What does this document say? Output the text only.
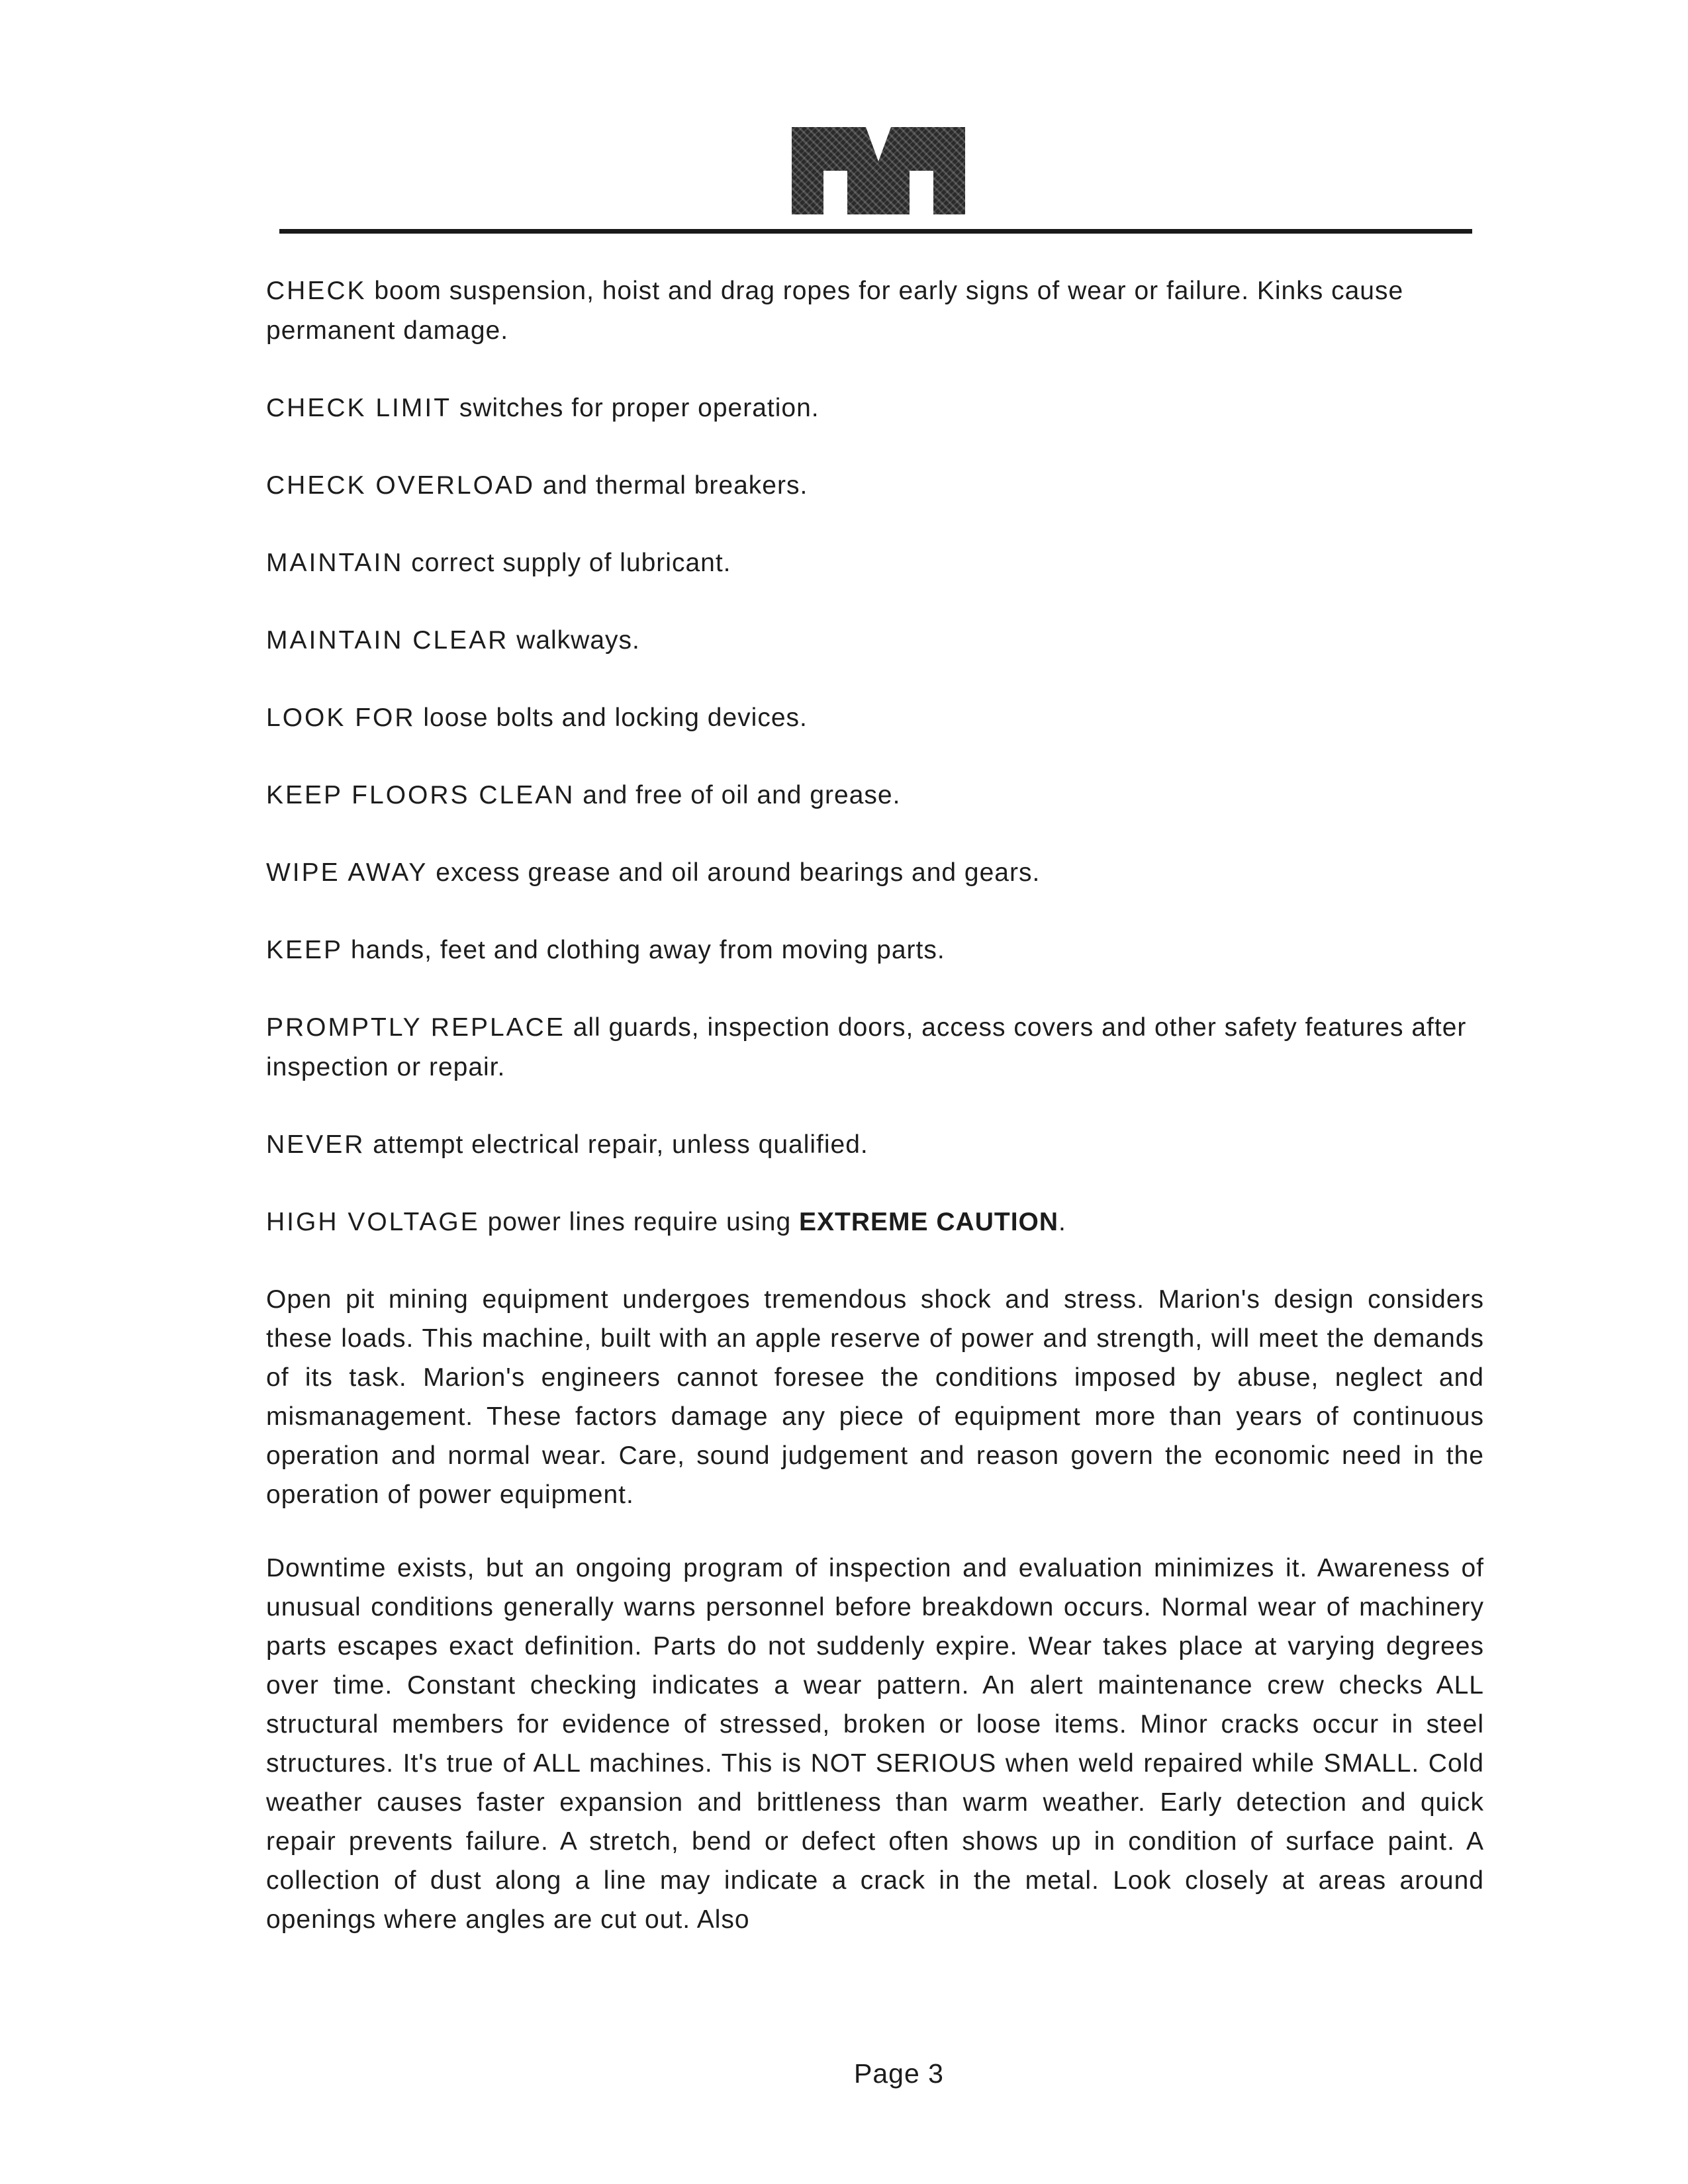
CHECK boom suspension, hoist and drag ropes for early signs of wear or failure. Kinks cause permanent damage.

CHECK LIMIT switches for proper operation.

CHECK OVERLOAD and thermal breakers.

MAINTAIN correct supply of lubricant.

MAINTAIN CLEAR walkways.

LOOK FOR loose bolts and locking devices.

KEEP FLOORS CLEAN and free of oil and grease.

WIPE AWAY excess grease and oil around bearings and gears.

KEEP hands, feet and clothing away from moving parts.

PROMPTLY REPLACE all guards, inspection doors, access covers and other safety features after inspection or repair.

NEVER attempt electrical repair, unless qualified.

HIGH VOLTAGE power lines require using EXTREME CAUTION.

Open pit mining equipment undergoes tremendous shock and stress. Marion's design considers these loads. This machine, built with an apple reserve of power and strength, will meet the demands of its task. Marion's engineers cannot foresee the conditions imposed by abuse, neglect and mismanagement. These factors damage any piece of equipment more than years of continuous operation and normal wear. Care, sound judgement and reason govern the economic need in the operation of power equipment.

Downtime exists, but an ongoing program of inspection and evaluation minimizes it. Awareness of unusual conditions generally warns personnel before breakdown occurs. Normal wear of machinery parts escapes exact definition. Parts do not suddenly expire. Wear takes place at varying degrees over time. Constant checking indicates a wear pattern. An alert maintenance crew checks ALL structural members for evidence of stressed, broken or loose items. Minor cracks occur in steel structures. It's true of ALL machines. This is NOT SERIOUS when weld repaired while SMALL. Cold weather causes faster expansion and brittleness than warm weather. Early detection and quick repair prevents failure. A stretch, bend or defect often shows up in condition of surface paint. A collection of dust along a line may indicate a crack in the metal. Look closely at areas around openings where angles are cut out. Also

Page 3
